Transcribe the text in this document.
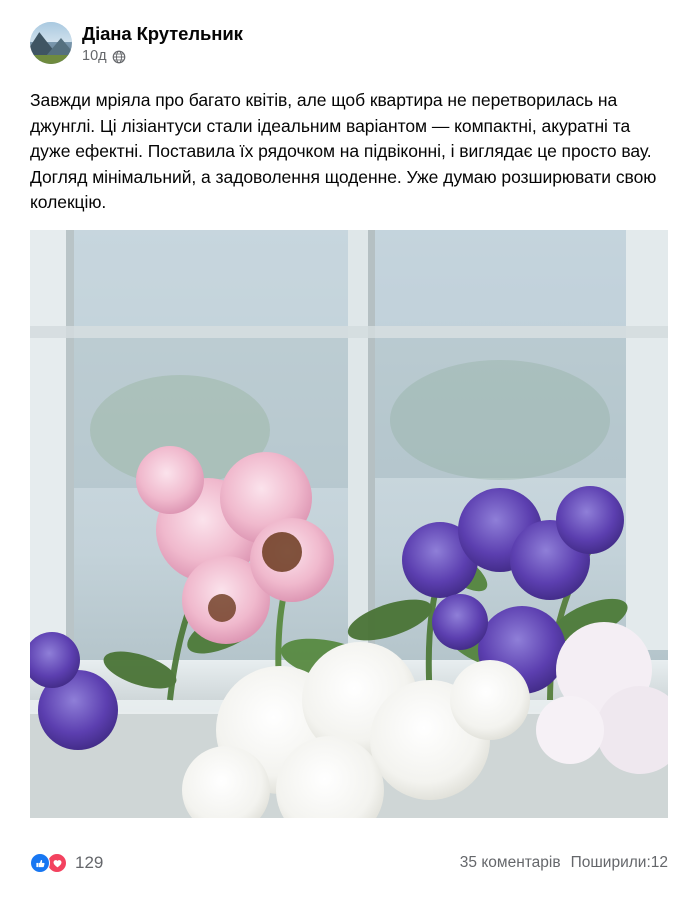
Діана Крутельник
10д
Завжди мріяла про багато квітів, але щоб квартира не перетворилась на джунглі. Ці лізіантуси стали ідеальним варіантом — компактні, акуратні та дуже ефектні. Поставила їх рядочком на підвіконні, і виглядає це просто вау. Догляд мінімальний, а задоволення щоденне. Уже думаю розширювати свою колекцію.
129	35 коментарів Поширили:12
